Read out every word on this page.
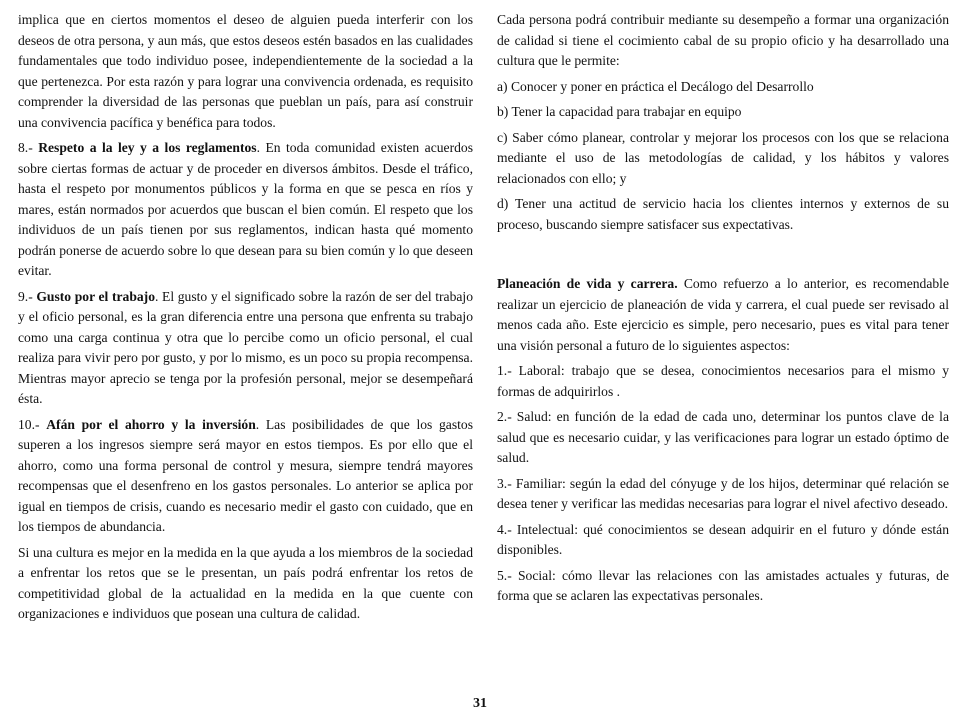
implica que en ciertos momentos el deseo de alguien pueda interferir con los deseos de otra persona, y aun más, que estos deseos estén basados en las cualidades fundamentales que todo individuo posee, independientemente de la sociedad a la que pertenezca. Por esta razón y para lograr una convivencia ordenada, es requisito comprender la diversidad de las personas que pueblan un país, para así construir una convivencia pacífica y benéfica para todos.

8.- Respeto a la ley y a los reglamentos. En toda comunidad existen acuerdos sobre ciertas formas de actuar y de proceder en diversos ámbitos. Desde el tráfico, hasta el respeto por monumentos públicos y la forma en que se pesca en ríos y mares, están normados por acuerdos que buscan el bien común. El respeto que los individuos de un país tienen por sus reglamentos, indican hasta qué momento podrán ponerse de acuerdo sobre lo que desean para su bien común y lo que deseen evitar.

9.- Gusto por el trabajo. El gusto y el significado sobre la razón de ser del trabajo y el oficio personal, es la gran diferencia entre una persona que enfrenta su trabajo como una carga continua y otra que lo percibe como un oficio personal, el cual realiza para vivir pero por gusto, y por lo mismo, es un poco su propia recompensa. Mientras mayor aprecio se tenga por la profesión personal, mejor se desempeñará ésta.

10.- Afán por el ahorro y la inversión. Las posibilidades de que los gastos superen a los ingresos siempre será mayor en estos tiempos. Es por ello que el ahorro, como una forma personal de control y mesura, siempre tendrá mayores recompensas que el desenfreno en los gastos personales. Lo anterior se aplica por igual en tiempos de crisis, cuando es necesario medir el gasto con cuidado, que en los tiempos de abundancia.

Si una cultura es mejor en la medida en la que ayuda a los miembros de la sociedad a enfrentar los retos que se le presentan, un país podrá enfrentar los retos de competitividad global de la actualidad en la medida en la que cuente con organizaciones e individuos que posean una cultura de calidad.

Cada persona podrá contribuir mediante su desempeño a formar una organización de calidad si tiene el cocimiento cabal de su propio oficio y ha desarrollado una cultura que le permite:

a) Conocer y poner en práctica el Decálogo del Desarrollo

b) Tener la capacidad para trabajar en equipo

c) Saber cómo planear, controlar y mejorar los procesos con los que se relaciona mediante el uso de las metodologías de calidad, y los hábitos y valores relacionados con ello; y

d) Tener una actitud de servicio hacia los clientes internos y externos de su proceso, buscando siempre satisfacer sus expectativas.

Planeación de vida y carrera. Como refuerzo a lo anterior, es recomendable realizar un ejercicio de planeación de vida y carrera, el cual puede ser revisado al menos cada año. Este ejercicio es simple, pero necesario, pues es vital para tener una visión personal a futuro de lo siguientes aspectos:

1.- Laboral: trabajo que se desea, conocimientos necesarios para el mismo y formas de adquirirlos .

2.- Salud: en función de la edad de cada uno, determinar los puntos clave de la salud que es necesario cuidar, y las verificaciones para lograr un estado óptimo de salud.

3.- Familiar: según la edad del cónyuge y de los hijos, determinar qué relación se desea tener y verificar las medidas necesarias para lograr el nivel afectivo deseado.

4.- Intelectual: qué conocimientos se desean adquirir en el futuro y dónde están disponibles.

5.- Social: cómo llevar las relaciones con las amistades actuales y futuras, de forma que se aclaren las expectativas personales.

31
